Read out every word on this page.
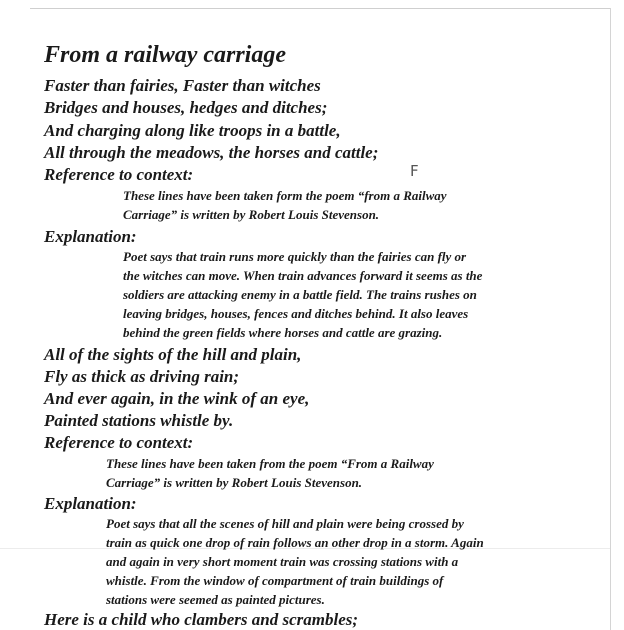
From a railway carriage
Faster than fairies, Faster than witches
Bridges and houses, hedges and ditches;
And charging along like troops in a battle,
All through the meadows, the horses and cattle;
Reference to context:	F
These lines have been taken form the poem “from a Railway
Carriage” is written by Robert Louis Stevenson.
Explanation:
Poet says that train runs more quickly than the fairies can fly or
the witches can move. When train advances forward it seems as the
soldiers are attacking enemy in a battle field. The trains rushes on
leaving bridges, houses, fences and ditches behind. It also leaves
behind the green fields where horses and cattle are grazing.
All of the sights of the hill and plain,
Fly as thick as driving rain;
And ever again, in the wink of an eye,
Painted stations whistle by.
Reference to context:
These lines have been taken from the poem “From a Railway
Carriage” is written by Robert Louis Stevenson.
Explanation:
Poet says that all the scenes of hill and plain were being crossed by
train as quick one drop of rain follows an other drop in a storm. Again
and again in very short moment train was crossing stations with a
whistle. From the window of compartment of train buildings of
stations were seemed as painted pictures.
Here is a child who clambers and scrambles;
